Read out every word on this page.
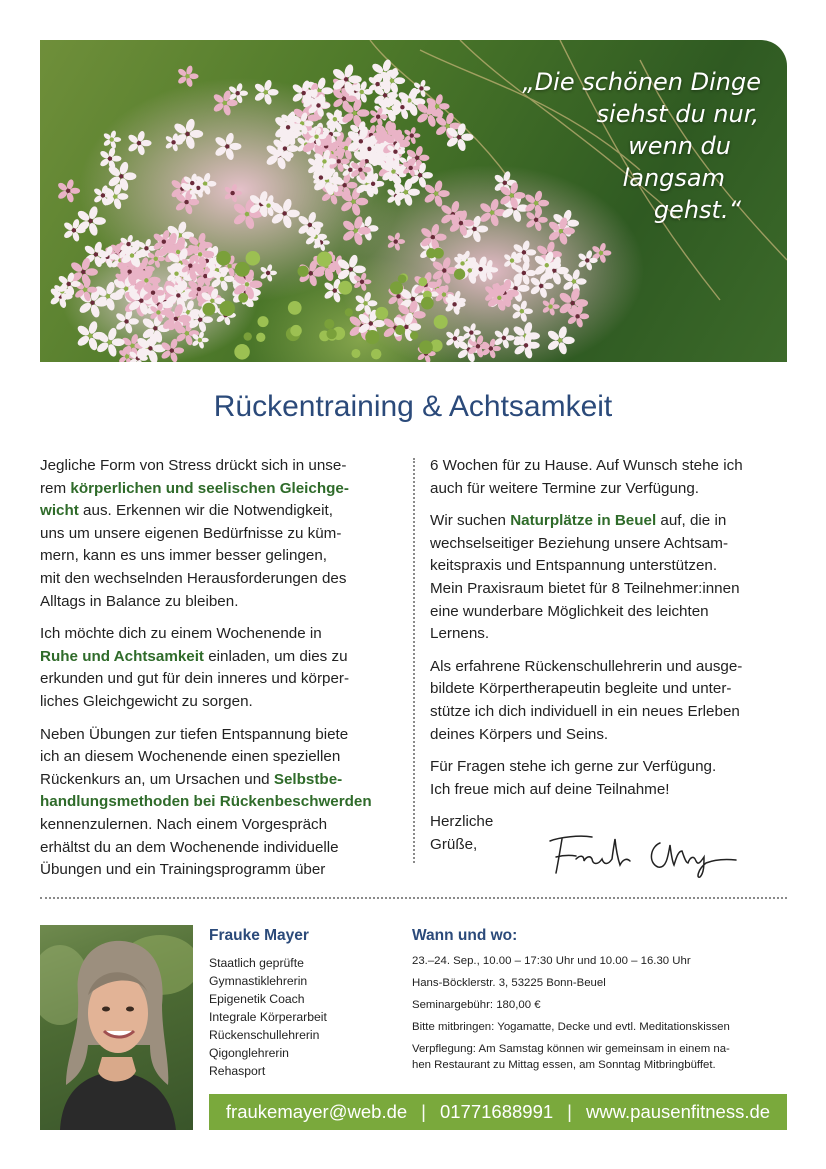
„Die schönen Dinge
siehst du nur,
wenn du
langsam
gehst.“
Rückentraining & Achtsamkeit

Jegliche Form von Stress drückt sich in unse-
rem körperlichen und seelischen Gleichge-
wicht aus. Erkennen wir die Notwendigkeit,
uns um unsere eigenen Bedürfnisse zu küm-
mern, kann es uns immer besser gelingen,
mit den wechselnden Herausforderungen des
Alltags in Balance zu bleiben.

Ich möchte dich zu einem Wochenende in
Ruhe und Achtsamkeit einladen, um dies zu
erkunden und gut für dein inneres und körper-
liches Gleichgewicht zu sorgen.

Neben Übungen zur tiefen Entspannung biete
ich an diesem Wochenende einen speziellen
Rückenkurs an, um Ursachen und Selbstbe-
handlungsmethoden bei Rückenbeschwerden
kennenzulernen. Nach einem Vorgespräch
erhältst du an dem Wochenende individuelle
Übungen und ein Trainingsprogramm über

6 Wochen für zu Hause. Auf Wunsch stehe ich
auch für weitere Termine zur Verfügung.

Wir suchen Naturplätze in Beuel auf, die in
wechselseitiger Beziehung unsere Achtsam-
keitspraxis und Entspannung unterstützen.
Mein Praxisraum bietet für 8 Teilnehmer:innen
eine wunderbare Möglichkeit des leichten
Lernens.

Als erfahrene Rückenschullehrerin und ausge-
bildete Körpertherapeutin begleite und unter-
stütze ich dich individuell in ein neues Erleben
deines Körpers und Seins.

Für Fragen stehe ich gerne zur Verfügung.
Ich freue mich auf deine Teilnahme!

Herzliche
Grüße,
Frauke Mayer
Staatlich geprüfte
Gymnastiklehrerin
Epigenetik Coach
Integrale Körperarbeit
Rückenschullehrerin
Qigonglehrerin
Rehasport
Wann und wo:

23.–24. Sep., 10.00 – 17:30 Uhr und 10.00 – 16.30 Uhr

Hans-Böcklerstr. 3, 53225 Bonn-Beuel

Seminargebühr: 180,00 €

Bitte mitbringen: Yogamatte, Decke und evtl. Meditationskissen

Verpflegung: Am Samstag können wir gemeinsam in einem na-
hen Restaurant zu Mittag essen, am Sonntag Mitbringbüffet.

fraukemayer@web.de | 01771688991 | www.pausenfitness.de
